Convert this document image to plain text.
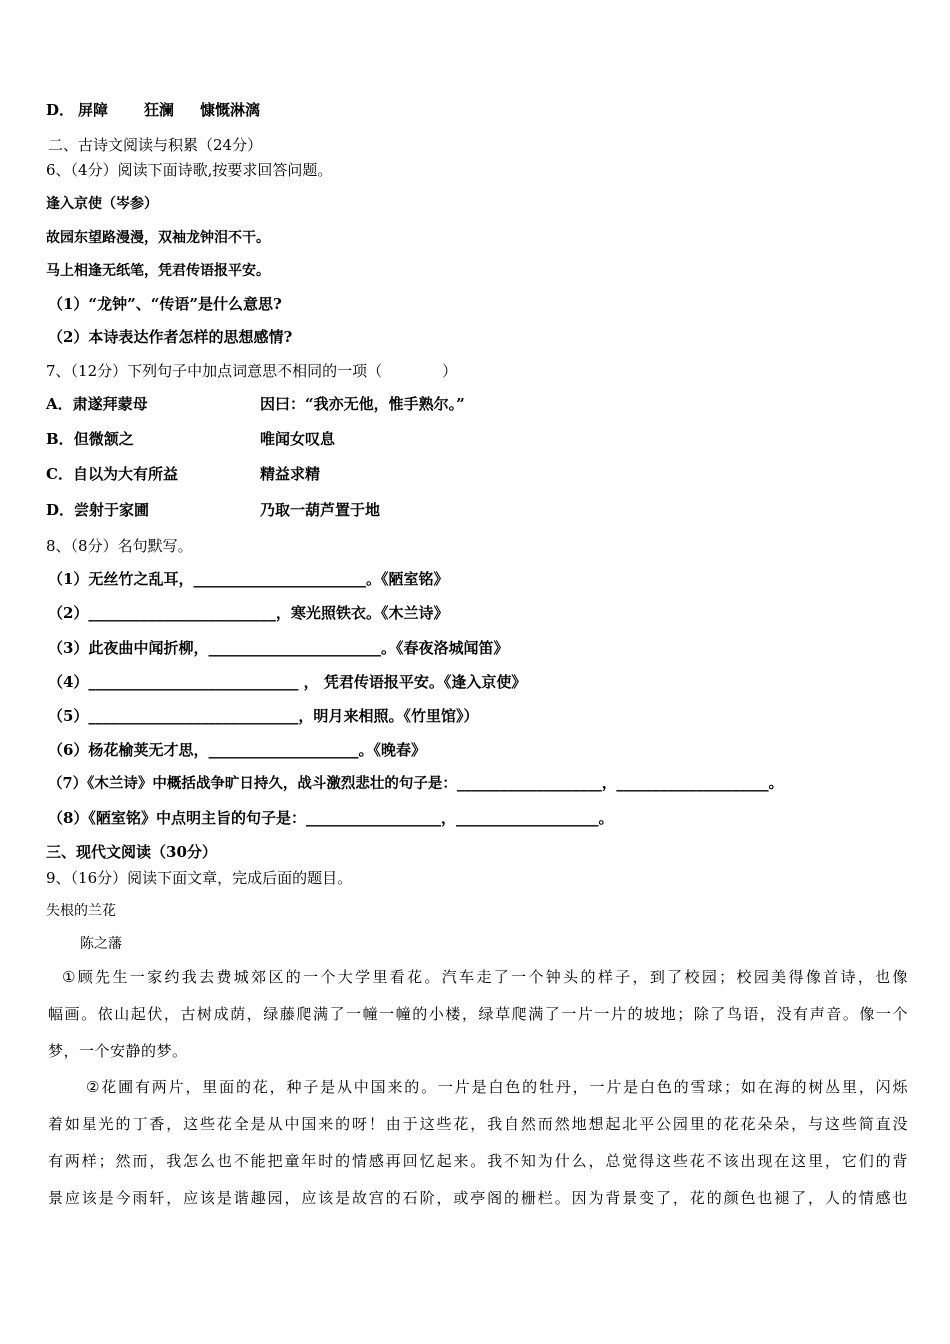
D． 屏障 狂澜 慷慨淋漓
二、古诗文阅读与积累（24分）
6、（4分）阅读下面诗歌,按要求回答问题。
逢入京使（岑参）
故园东望路漫漫，双袖龙钟泪不干。
马上相逢无纸笔，凭君传语报平安。
（1）“龙钟”、“传语”是什么意思?
（2）本诗表达作者怎样的思想感情?
7、（12分）下列句子中加点词意思不相同的一项（　　　　）
A．肃遂拜蒙母	因曰：“我亦无他，惟手熟尔。”
B．但微颔之	唯闻女叹息
C．自以为大有所益	精益求精
D．尝射于家圃	乃取一葫芦置于地
8、（8分）名句默写。
（1）无丝竹之乱耳，_______________________。《陋室铭》
（2）_________________________，寒光照铁衣。《木兰诗》
（3）此夜曲中闻折柳，_______________________。《春夜洛城闻笛》
（4）____________________________ ， 凭君传语报平安。《逢入京使》
（5）____________________________，明月来相照。《竹里馆》）
（6）杨花榆荚无才思，____________________。《晚春》
（7）《木兰诗》中概括战争旷日持久，战斗激烈悲壮的句子是：____________________，_____________________。
（8）《陋室铭》中点明主旨的句子是：__________________，___________________。
三、现代文阅读（30分）
9、（16分）阅读下面文章，完成后面的题目。
失根的兰花
陈之藩
①顾先生一家约我去费城郊区的一个大学里看花。汽车走了一个钟头的样子，到了校园；校园美得像首诗，也像
幅画。依山起伏，古树成荫，绿藤爬满了一幢一幢的小楼，绿草爬满了一片一片的坡地；除了鸟语，没有声音。像一个
梦，一个安静的梦。
②花圃有两片，里面的花，种子是从中国来的。一片是白色的牡丹，一片是白色的雪球；如在海的树丛里，闪烁
着如星光的丁香，这些花全是从中国来的呀！由于这些花，我自然而然地想起北平公园里的花花朵朵，与这些简直没
有两样；然而，我怎么也不能把童年时的情感再回忆起来。我不知为什么，总觉得这些花不该出现在这里，它们的背
景应该是今雨轩，应该是谐趣园，应该是故宫的石阶，或亭阁的栅栏。因为背景变了，花的颜色也褪了，人的情感也
